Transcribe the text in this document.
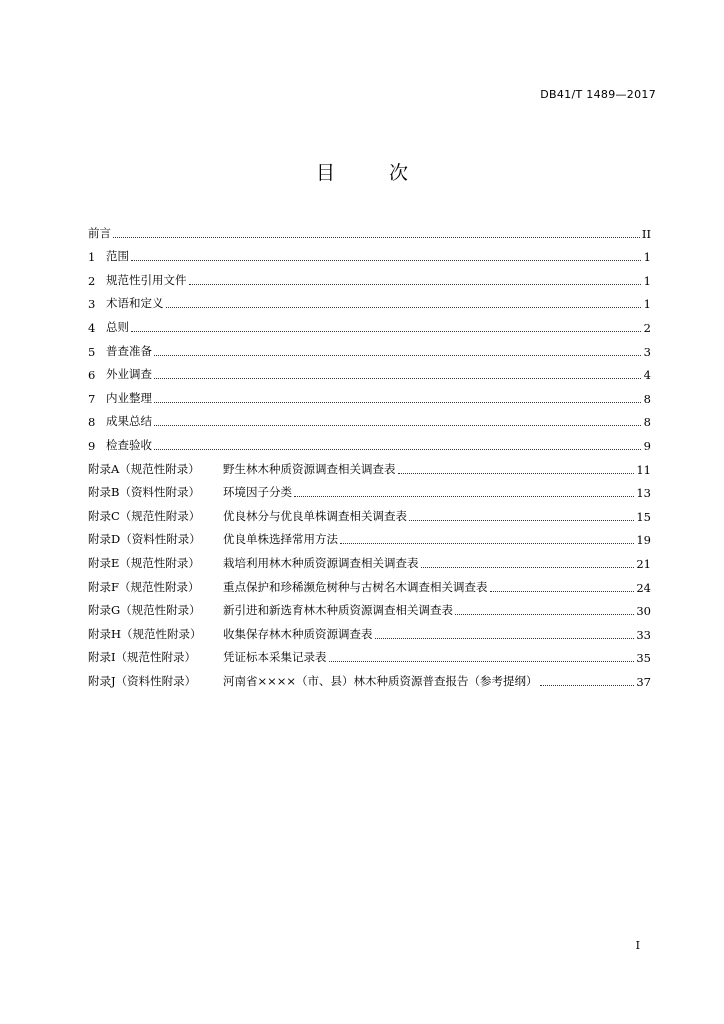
DB41/T 1489—2017
目	次
前言	II
1 范围	1
2 规范性引用文件	1
3 术语和定义	1
4 总则	2
5 普查准备	3
6 外业调查	4
7 内业整理	8
8 成果总结	8
9 检查验收	9
附录A（规范性附录）	野生林木种质资源调查相关调查表	11
附录B（资料性附录）	环境因子分类	13
附录C（规范性附录）	优良林分与优良单株调查相关调查表	15
附录D（资料性附录）	优良单株选择常用方法	19
附录E（规范性附录）	栽培利用林木种质资源调查相关调查表	21
附录F（规范性附录）	重点保护和珍稀濒危树种与古树名木调查相关调查表	24
附录G（规范性附录）	新引进和新选育林木种质资源调查相关调查表	30
附录H（规范性附录）	收集保存林木种质资源调查表	33
附录I（规范性附录）	凭证标本采集记录表	35
附录J（资料性附录）	河南省××××（市、县）林木种质资源普查报告（参考提纲）	37
I
